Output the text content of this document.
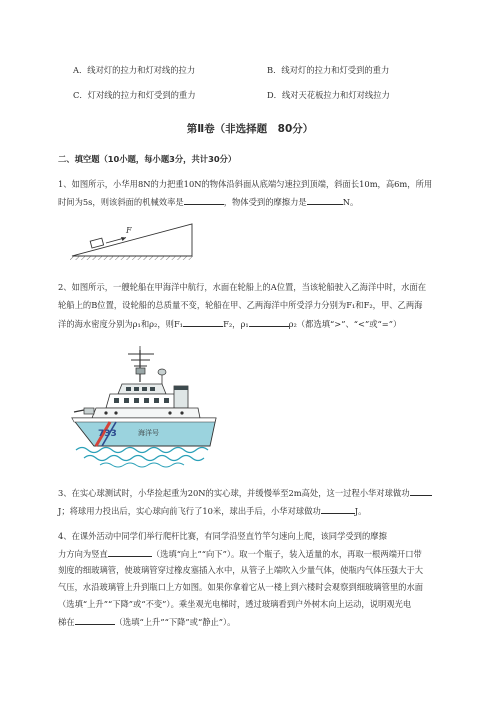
A．线对灯的拉力和灯对线的拉力	B．线对灯的拉力和灯受到的重力
C．灯对线的拉力和灯受到的重力	D．线对天花板拉力和灯对线拉力
第Ⅱ卷（非选择题　80分）
二、填空题（10小题，每小题3分，共计30分）
1、如图所示，小华用8N的力把重10N的物体沿斜面从底端匀速拉到顶端，斜面长10m，高6m，所用
时间为5s，则该斜面的机械效率是	，物体受到的摩擦力是	N。
F
2、如图所示，一艘轮船在甲海洋中航行，水面在轮船上的A位置，当该轮船驶入乙海洋中时，水面在
轮船上的B位置，设轮船的总质量不变，轮船在甲、乙两海洋中所受浮力分别为F₁和F₂，甲、乙两海
洋的海水密度分别为ρ₁和ρ₂，则F₁	F₂，ρ₁	ρ₂（都选填“>”、“<”或“=”）
733	海洋号
3、在实心球测试时，小华捡起重为20N的实心球，并缓慢举至2m高处，这一过程小华对球做功
J；将球用力投出后，实心球向前飞行了10米，球出手后，小华对球做功	J。
4、在课外活动中同学们举行爬杆比赛，有同学沿竖直竹竿匀速向上爬，该同学受到的摩擦
力方向为竖直	（选填“向上”“向下”）。取一个瓶子，装入适量的水，再取一根两端开口带
刻度的细玻璃管，使玻璃管穿过橡皮塞插入水中，从管子上端吹入少量气体，使瓶内气体压强大于大
气压，水沿玻璃管上升到瓶口上方如图。如果你拿着它从一楼上到六楼时会观察到细玻璃管里的水面
（选填“上升”“下降”或“不变”）。乘坐观光电梯时，透过玻璃看到户外树木向上运动，说明观光电
梯在	（选填“上升”“下降”或“静止”）。
